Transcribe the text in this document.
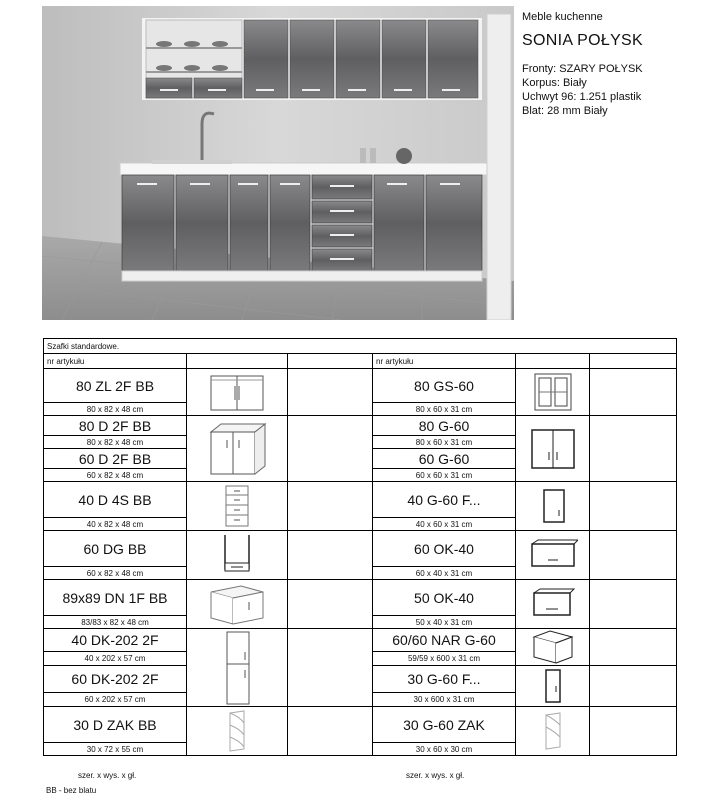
Meble kuchenne
SONIA POŁYSK
Fronty: SZARY POŁYSK
Korpus: Biały
Uchwyt 96: 1.251 plastik
Blat: 28 mm Biały
Szafki standardowe.					
nr artykułu			nr artykułu		
80 ZL 2F BB			80 GS-60	

80 x 82 x 48 cm			80 x 60 x 31 cm		
80 D 2F BB			80 G-60	

80 x 82 x 48 cm			80 x 60 x 31 cm		
60 D 2F BB			60 G-60		
60 x 82 x 48 cm			60 x 60 x 31 cm		
40 D 4S BB			40 G-60 F...	

40 x 82 x 48 cm			40 x 60 x 31 cm		
60 DG BB			60 OK-40	

60 x 82 x 48 cm			60 x 40 x 31 cm		
89x89 DN 1F BB			50 OK-40	

83/83 x 82 x 48 cm			50 x 40 x 31 cm		
40 DK-202 2F			60/60 NAR G-60	

40 x 202 x 57 cm			59/59 x 600 x 31 cm		
60 DK-202 2F			30 G-60 F...	

60 x 202 x 57 cm			30 x 600 x 31 cm		
30 D ZAK BB			30 G-60 ZAK	

30 x 72 x 55 cm			30 x 60 x 30 cm		
szer. x wys. x gł.	szer. x wys. x gł.
BB - bez blatu
